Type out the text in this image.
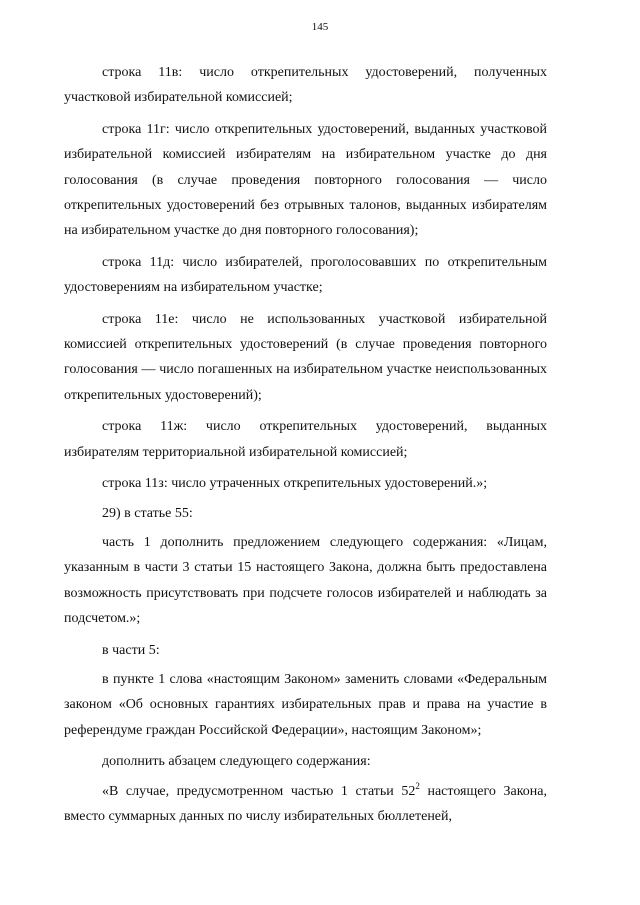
145

строка 11в: число открепительных удостоверений, полученных участковой избирательной комиссией;

строка 11г: число открепительных удостоверений, выданных участковой избирательной комиссией избирателям на избирательном участке до дня голосования (в случае проведения повторного голосования — число открепительных удостоверений без отрывных талонов, выданных избирателям на избирательном участке до дня повторного голосования);

строка 11д: число избирателей, проголосовавших по открепительным удостоверениям на избирательном участке;

строка 11е: число не использованных участковой избирательной комиссией открепительных удостоверений (в случае проведения повторного голосования — число погашенных на избирательном участке неиспользованных открепительных удостоверений);

строка 11ж: число открепительных удостоверений, выданных избирателям территориальной избирательной комиссией;

строка 11з: число утраченных открепительных удостоверений.»;

29) в статье 55:

часть 1 дополнить предложением следующего содержания: «Лицам, указанным в части 3 статьи 15 настоящего Закона, должна быть предоставлена возможность присутствовать при подсчете голосов избирателей и наблюдать за подсчетом.»;

в части 5:

в пункте 1 слова «настоящим Законом» заменить словами «Федеральным законом «Об основных гарантиях избирательных прав и права на участие в референдуме граждан Российской Федерации», настоящим Законом»;

дополнить абзацем следующего содержания:

«В случае, предусмотренном частью 1 статьи $52^2$ настоящего Закона, вместо суммарных данных по числу избирательных бюллетеней,
